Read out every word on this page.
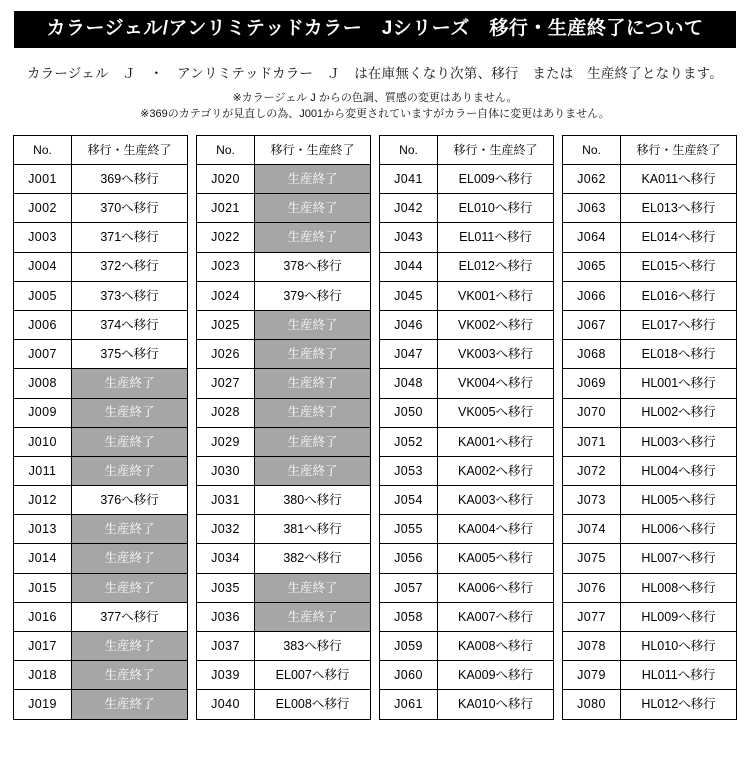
カラージェル/アンリミテッドカラー　Jシリーズ　移行・生産終了について
カラージェル　Ｊ　・　アンリミテッドカラー　Ｊ　は在庫無くなり次第、移行　または　生産終了となります。
※カラージェル J からの色調、質感の変更はありません。
※369のカテゴリが見直しの為、J001から変更されていますがカラー自体に変更はありません。
No.	移行・生産終了
J001	369へ移行
J002	370へ移行
J003	371へ移行
J004	372へ移行
J005	373へ移行
J006	374へ移行
J007	375へ移行
J008	生産終了
J009	生産終了
J010	生産終了
J011	生産終了
J012	376へ移行
J013	生産終了
J014	生産終了
J015	生産終了
J016	377へ移行
J017	生産終了
J018	生産終了
J019	生産終了
No.	移行・生産終了
J020	生産終了
J021	生産終了
J022	生産終了
J023	378へ移行
J024	379へ移行
J025	生産終了
J026	生産終了
J027	生産終了
J028	生産終了
J029	生産終了
J030	生産終了
J031	380へ移行
J032	381へ移行
J034	382へ移行
J035	生産終了
J036	生産終了
J037	383へ移行
J039	EL007へ移行
J040	EL008へ移行
No.	移行・生産終了
J041	EL009へ移行
J042	EL010へ移行
J043	EL011へ移行
J044	EL012へ移行
J045	VK001へ移行
J046	VK002へ移行
J047	VK003へ移行
J048	VK004へ移行
J050	VK005へ移行
J052	KA001へ移行
J053	KA002へ移行
J054	KA003へ移行
J055	KA004へ移行
J056	KA005へ移行
J057	KA006へ移行
J058	KA007へ移行
J059	KA008へ移行
J060	KA009へ移行
J061	KA010へ移行
No.	移行・生産終了
J062	KA011へ移行
J063	EL013へ移行
J064	EL014へ移行
J065	EL015へ移行
J066	EL016へ移行
J067	EL017へ移行
J068	EL018へ移行
J069	HL001へ移行
J070	HL002へ移行
J071	HL003へ移行
J072	HL004へ移行
J073	HL005へ移行
J074	HL006へ移行
J075	HL007へ移行
J076	HL008へ移行
J077	HL009へ移行
J078	HL010へ移行
J079	HL011へ移行
J080	HL012へ移行
